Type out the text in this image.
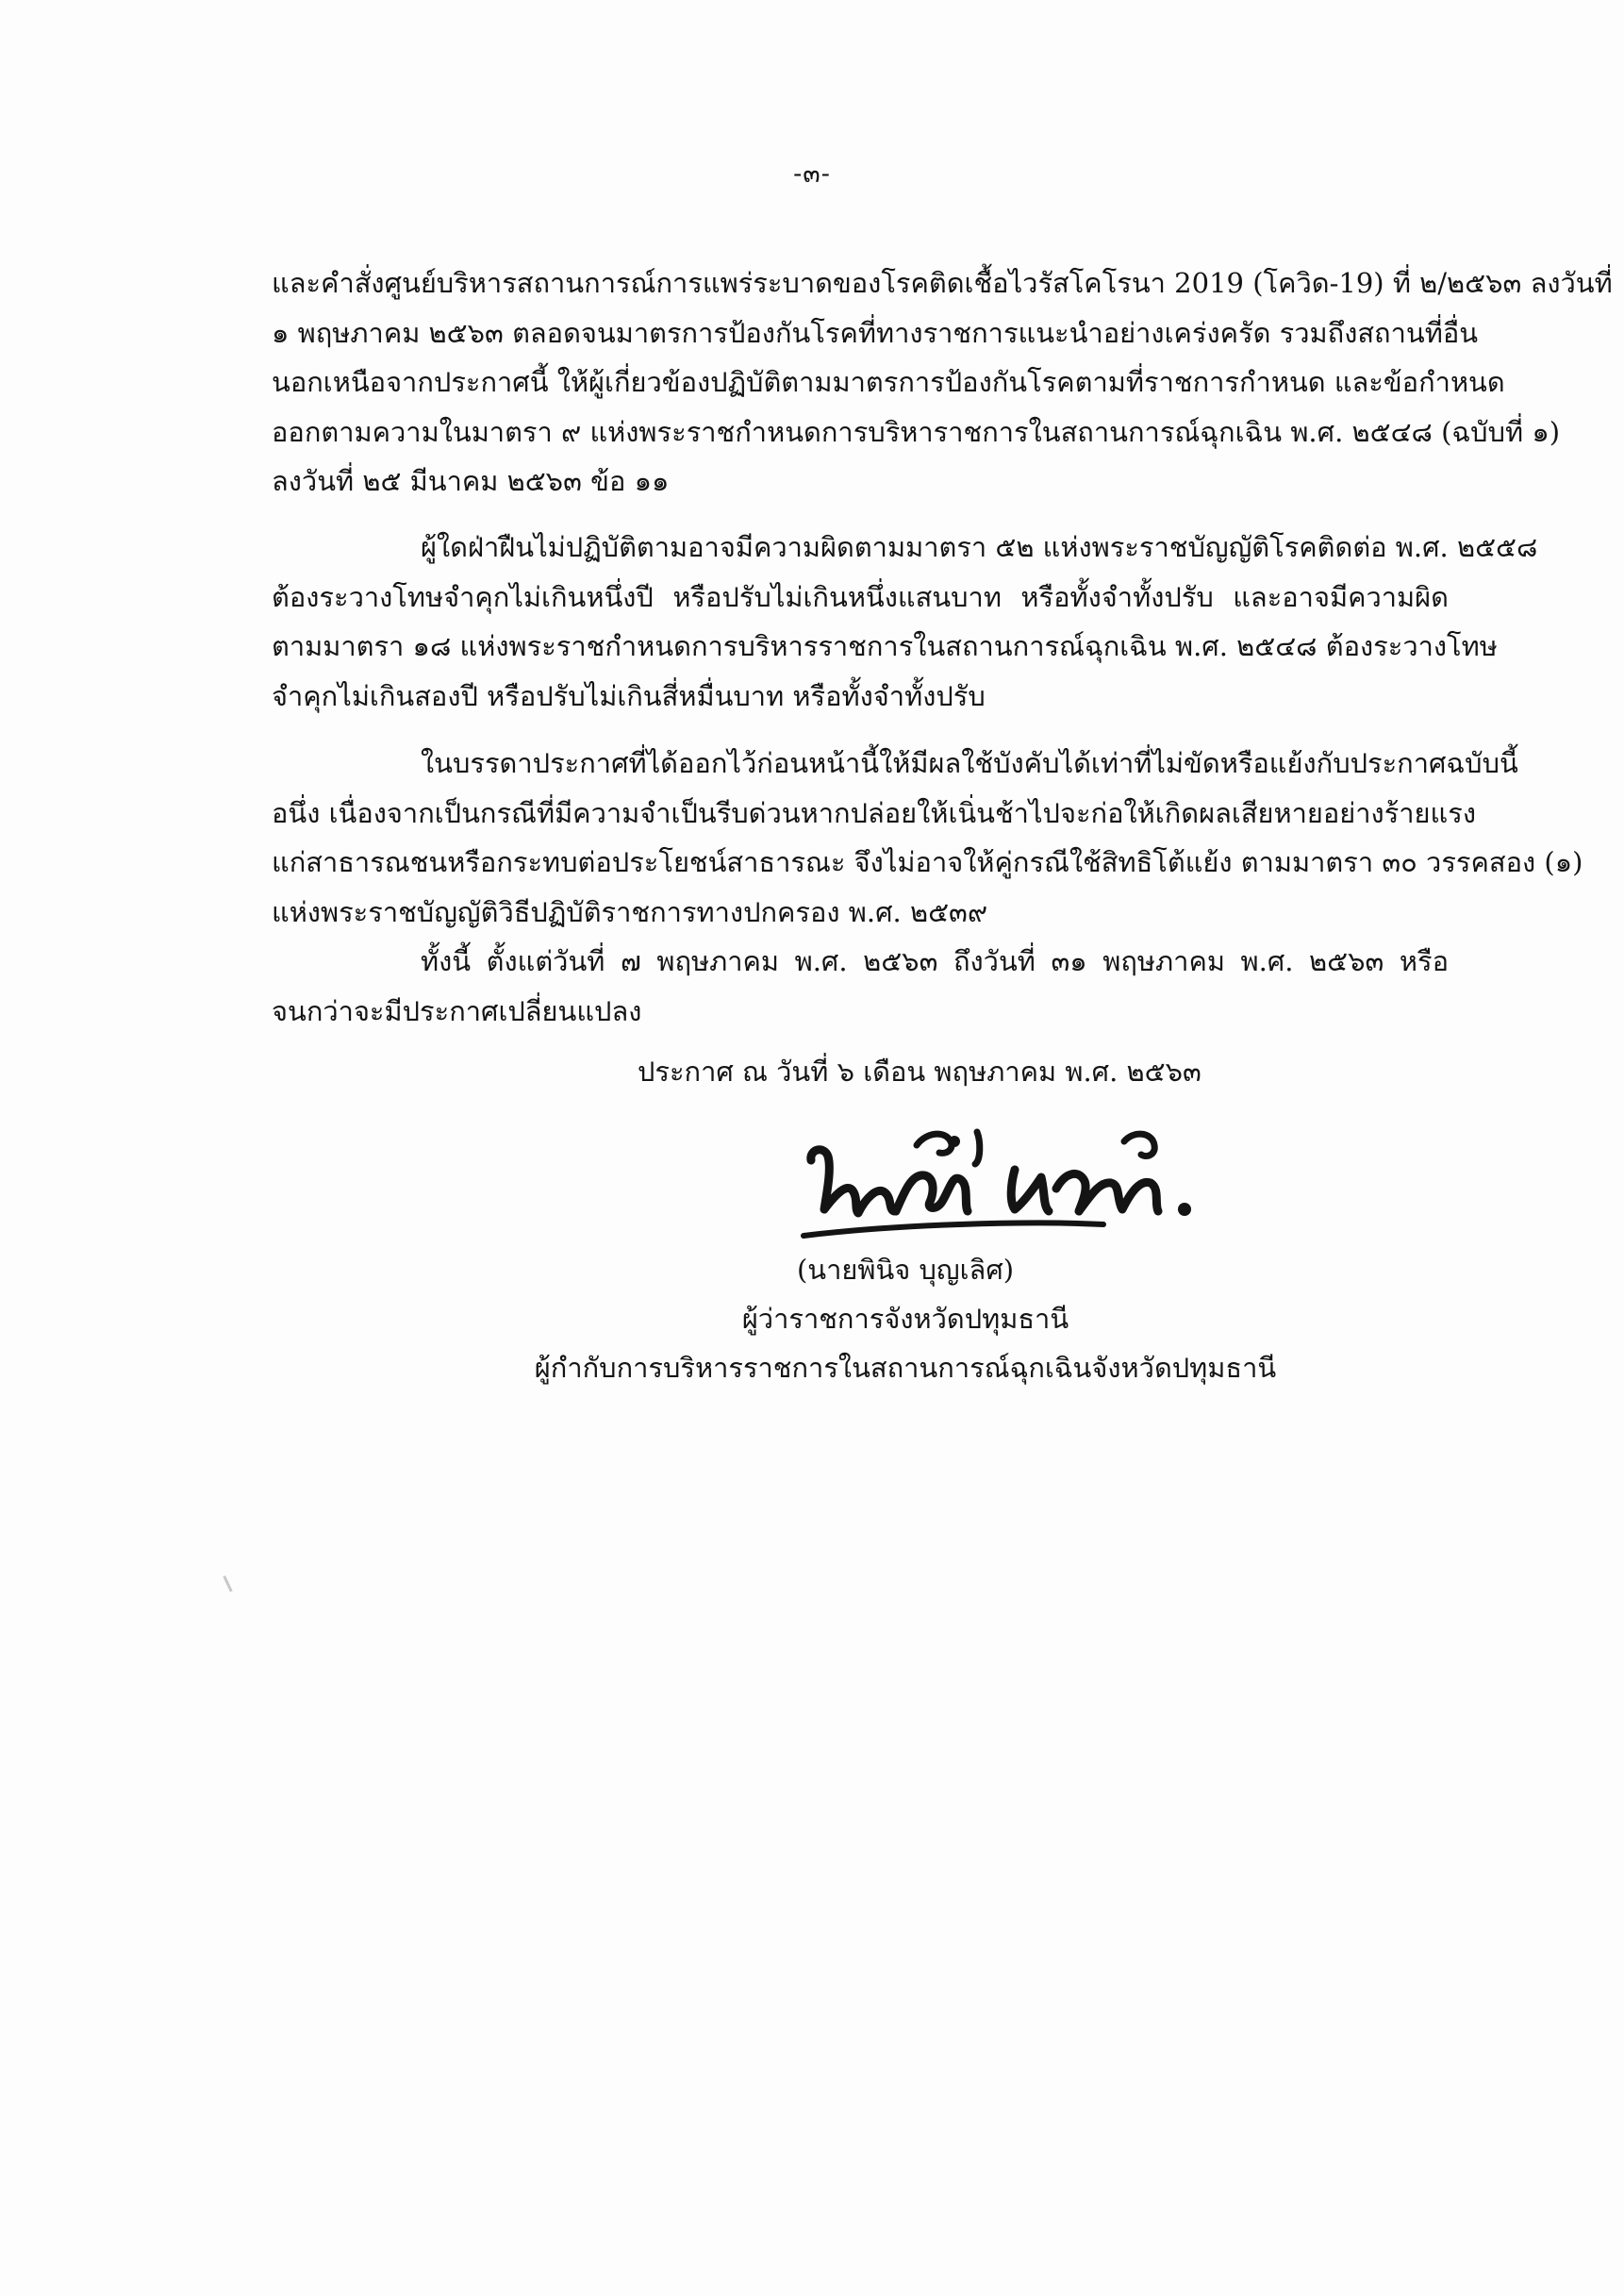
-๓-
และคำสั่งศูนย์บริหารสถานการณ์การแพร่ระบาดของโรคติดเชื้อไวรัสโคโรนา 2019 (โควิด-19) ที่ ๒/๒๕๖๓ ลงวันที่
๑ พฤษภาคม ๒๕๖๓ ตลอดจนมาตรการป้องกันโรคที่ทางราชการแนะนำอย่างเคร่งครัด รวมถึงสถานที่อื่น
นอกเหนือจากประกาศนี้ ให้ผู้เกี่ยวข้องปฏิบัติตามมาตรการป้องกันโรคตามที่ราชการกำหนด และข้อกำหนด
ออกตามความในมาตรา ๙ แห่งพระราชกำหนดการบริหาราชการในสถานการณ์ฉุกเฉิน พ.ศ. ๒๕๔๘ (ฉบับที่ ๑)
ลงวันที่ ๒๕ มีนาคม ๒๕๖๓ ข้อ ๑๑
ผู้ใดฝ่าฝืนไม่ปฏิบัติตามอาจมีความผิดตามมาตรา ๕๒ แห่งพระราชบัญญัติโรคติดต่อ พ.ศ. ๒๕๕๘
ต้องระวางโทษจำคุกไม่เกินหนึ่งปี หรือปรับไม่เกินหนึ่งแสนบาท หรือทั้งจำทั้งปรับ และอาจมีความผิด
ตามมาตรา ๑๘ แห่งพระราชกำหนดการบริหารราชการในสถานการณ์ฉุกเฉิน พ.ศ. ๒๕๔๘ ต้องระวางโทษ
จำคุกไม่เกินสองปี หรือปรับไม่เกินสี่หมื่นบาท หรือทั้งจำทั้งปรับ
ในบรรดาประกาศที่ได้ออกไว้ก่อนหน้านี้ให้มีผลใช้บังคับได้เท่าที่ไม่ขัดหรือแย้งกับประกาศฉบับนี้
อนึ่ง เนื่องจากเป็นกรณีที่มีความจำเป็นรีบด่วนหากปล่อยให้เนิ่นช้าไปจะก่อให้เกิดผลเสียหายอย่างร้ายแรง
แก่สาธารณชนหรือกระทบต่อประโยชน์สาธารณะ จึงไม่อาจให้คู่กรณีใช้สิทธิโต้แย้ง ตามมาตรา ๓๐ วรรคสอง (๑)
แห่งพระราชบัญญัติวิธีปฏิบัติราชการทางปกครอง พ.ศ. ๒๕๓๙
ทั้งนี้ ตั้งแต่วันที่ ๗ พฤษภาคม พ.ศ. ๒๕๖๓ ถึงวันที่ ๓๑ พฤษภาคม พ.ศ. ๒๕๖๓ หรือ
จนกว่าจะมีประกาศเปลี่ยนแปลง
ประกาศ ณ วันที่ ๖ เดือน พฤษภาคม พ.ศ. ๒๕๖๓
(นายพินิจ บุญเลิศ)
ผู้ว่าราชการจังหวัดปทุมธานี
ผู้กำกับการบริหารราชการในสถานการณ์ฉุกเฉินจังหวัดปทุมธานี
